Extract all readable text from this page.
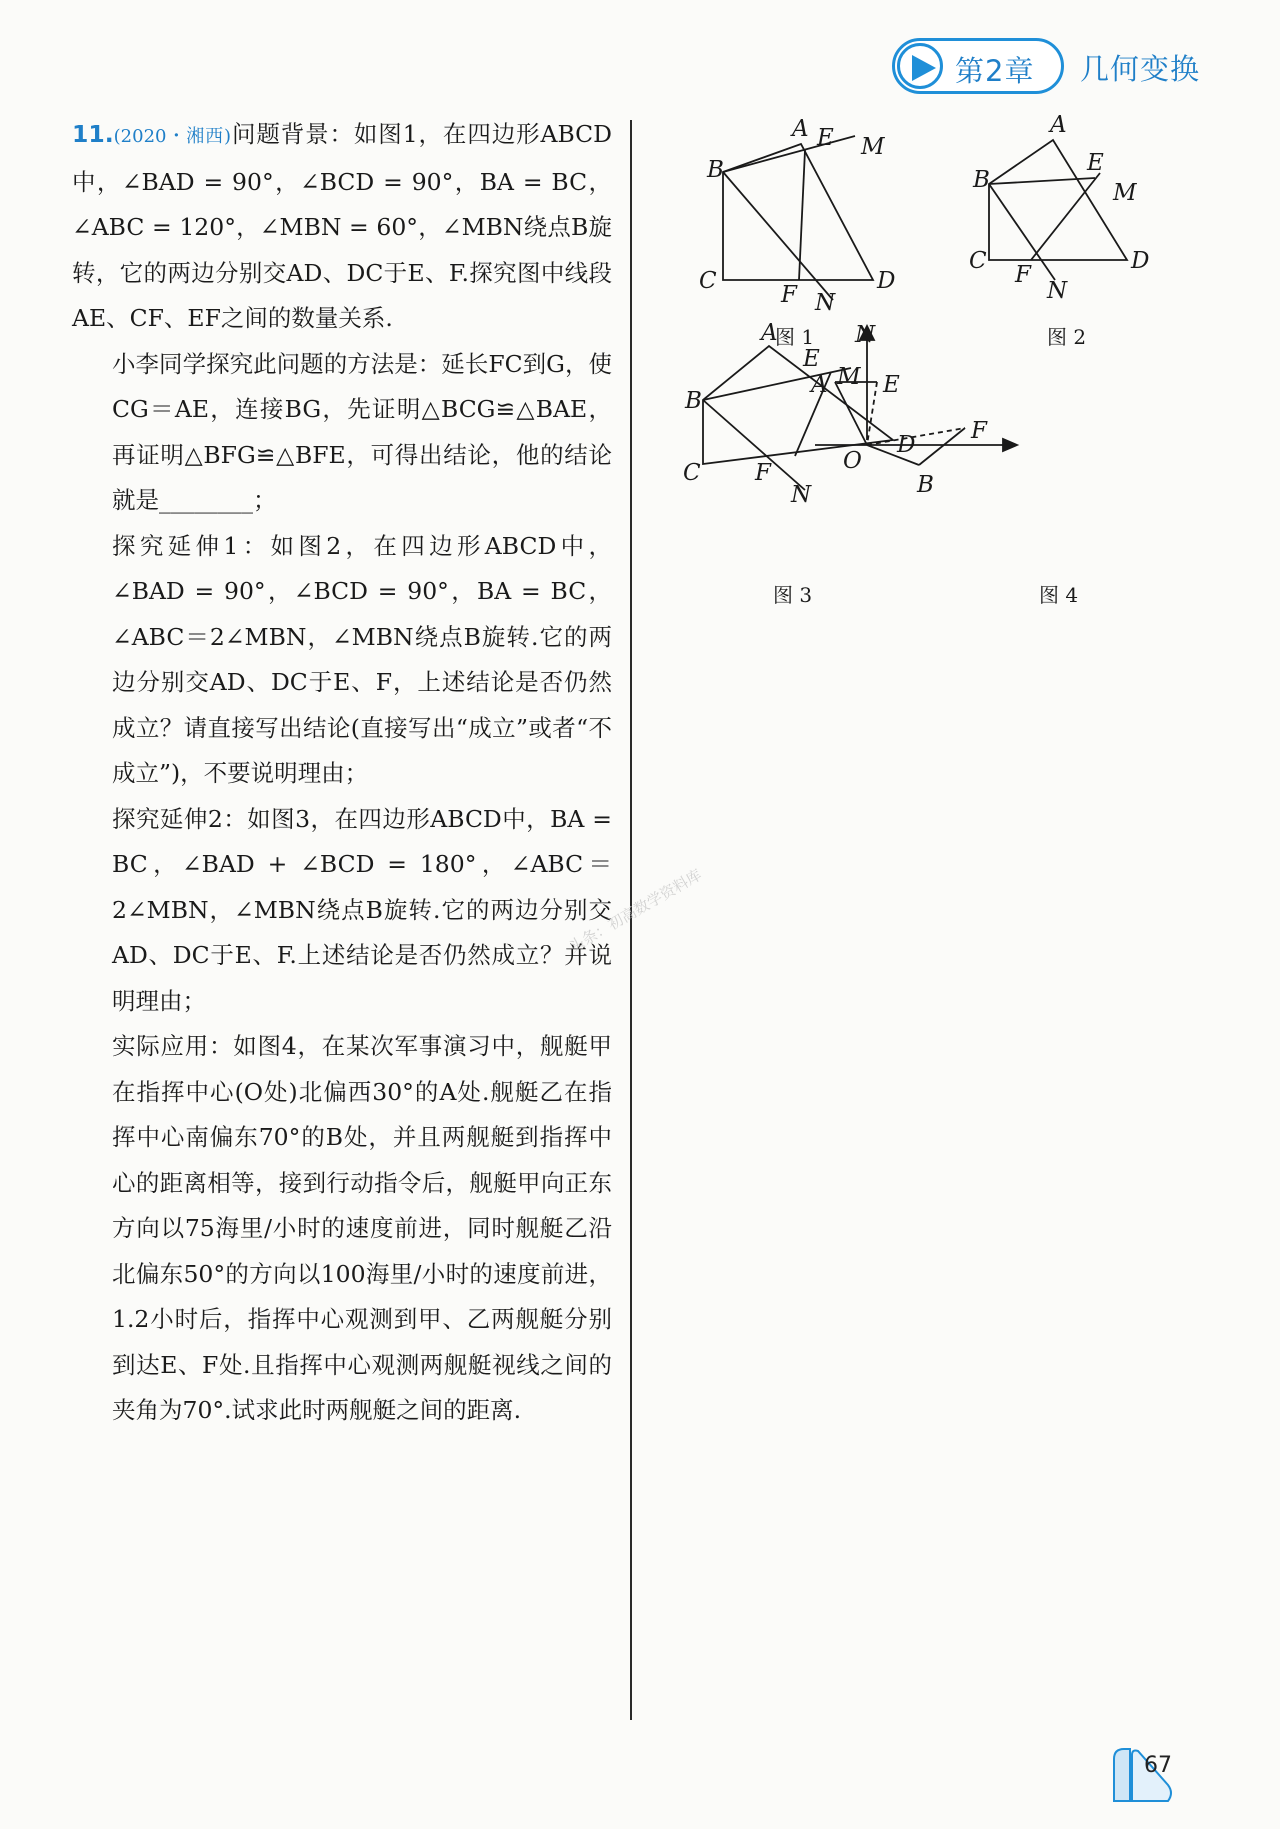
第2章 几何变换

11.(2020・湘西)问题背景：如图1，在四边形ABCD中，∠BAD = 90°，∠BCD = 90°，BA = BC，∠ABC = 120°，∠MBN = 60°，∠MBN绕点B旋转，它的两边分别交AD、DC于E、F.探究图中线段AE、CF、EF之间的数量关系.

小李同学探究此问题的方法是：延长FC到G，使CG＝AE，连接BG，先证明△BCG≌△BAE，再证明△BFG≌△BFE，可得出结论，他的结论就是________；

探究延伸1：如图2，在四边形ABCD中，∠BAD = 90°，∠BCD = 90°，BA = BC，∠ABC＝2∠MBN，∠MBN绕点B旋转.它的两边分别交AD、DC于E、F，上述结论是否仍然成立？请直接写出结论(直接写出“成立”或者“不成立”)，不要说明理由；

探究延伸2：如图3，在四边形ABCD中，BA = BC，∠BAD + ∠BCD = 180°，∠ABC＝2∠MBN，∠MBN绕点B旋转.它的两边分别交AD、DC于E、F.上述结论是否仍然成立？并说明理由；

实际应用：如图4，在某次军事演习中，舰艇甲在指挥中心(O处)北偏西30°的A处.舰艇乙在指挥中心南偏东70°的B处，并且两舰艇到指挥中心的距离相等，接到行动指令后，舰艇甲向正东方向以75海里/小时的速度前进，同时舰艇乙沿北偏东50°的方向以100海里/小时的速度前进，1.2小时后，指挥中心观测到甲、乙两舰艇分别到达E、F处.且指挥中心观测两舰艇视线之间的夹角为70°.试求此时两舰艇之间的距离.

A E M
B
C	D
F N
A
B
E
M
C	D
F
N
A
B
E
M
C
D
F
N
N
A E
F
O
B
图 1	图 2
图 3	图 4
头条：初高数学资料库
67
